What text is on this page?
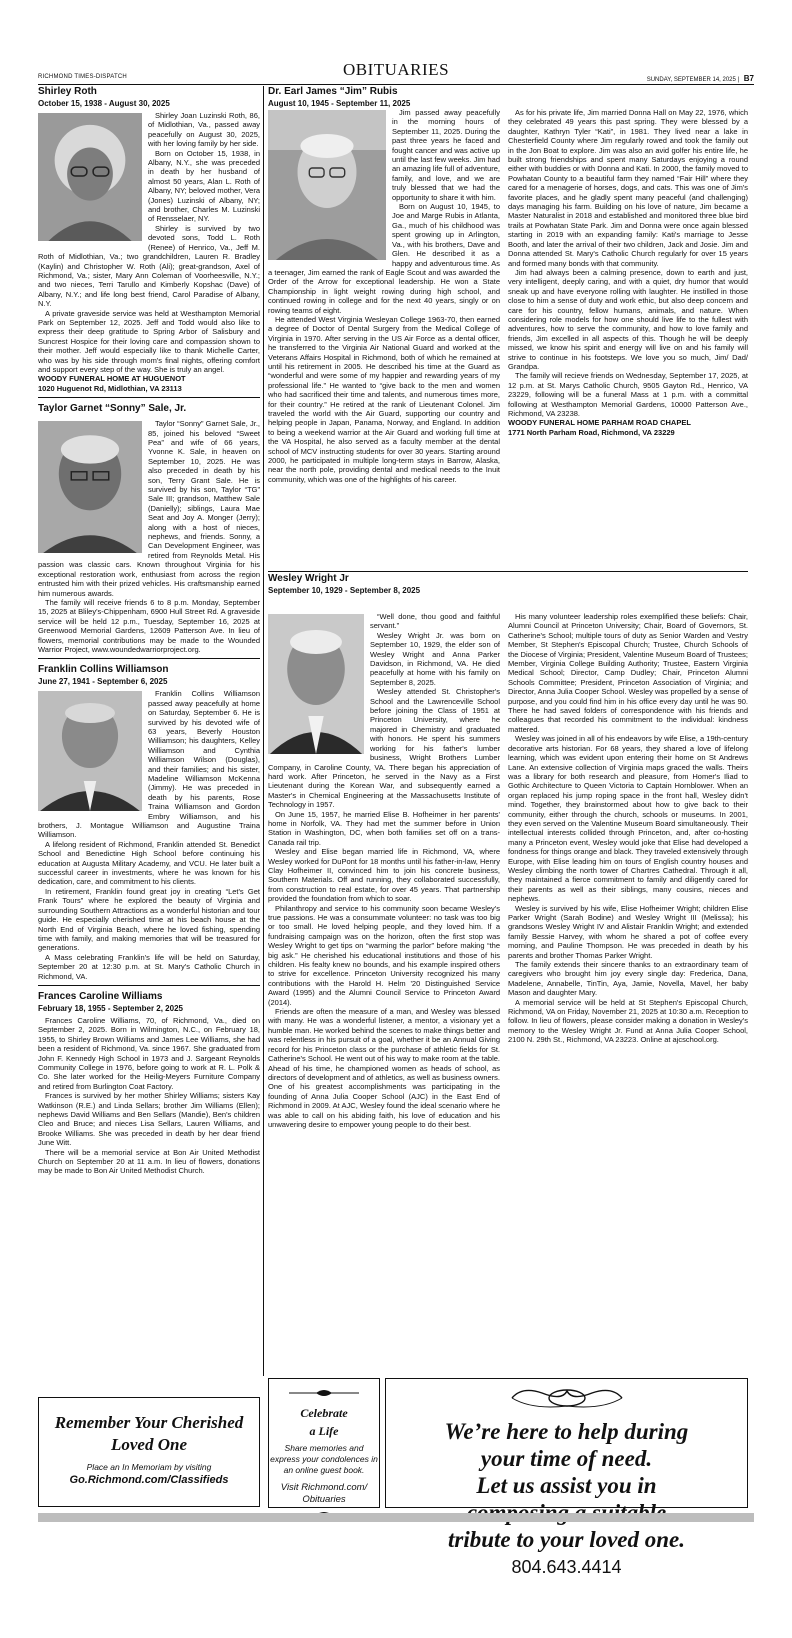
RICHMOND TIMES-DISPATCH	OBITUARIES
SUNDAY, SEPTEMBER 14, 2025 | B7
Shirley Roth
October 15, 1938 - August 30, 2025

Shirley Joan Luzinski Roth, 86, of Midlothian, Va., passed away peacefully on August 30, 2025, with her loving family by her side.

Born on October 15, 1938, in Albany, N.Y., she was preceded in death by her husband of almost 50 years, Alan L. Roth of Albany, NY; beloved mother, Vera (Jones) Luzinski of Albany, NY; and brother, Charles M. Luzinski of Rensselaer, NY.

Shirley is survived by two devoted sons, Todd L. Roth (Renee) of Henrico, Va., Jeff M. Roth of Midlothian, Va.; two grandchildren, Lauren R. Bradley (Kaylin) and Christopher W. Roth (Ali); great-grandson, Axel of Richmond, Va.; sister, Mary Ann Coleman of Voorheesville, N.Y.; and two nieces, Terri Tarullo and Kimberly Kopshac (Dave) of Albany, N.Y.; and life long best friend, Carol Paradise of Albany, N.Y.

A private graveside service was held at Westhampton Memorial Park on September 12, 2025. Jeff and Todd would also like to express their deep gratitude to Spring Arbor of Salisbury and Suncrest Hospice for their loving care and compassion shown to their mother. Jeff would especially like to thank Michelle Carter, who was by his side through mom's final nights, offering comfort and support every step of the way. She is truly an angel.

WOODY FUNERAL HOME AT HUGUENOT

1020 Huguenot Rd, Midlothian, VA 23113

Taylor Garnet “Sonny” Sale, Jr.

Taylor “Sonny” Garnet Sale, Jr., 85, joined his beloved “Sweet Pea” and wife of 66 years, Yvonne K. Sale, in heaven on September 10, 2025. He was also preceded in death by his son, Terry Grant Sale. He is survived by his son, Taylor “TG” Sale III; grandson, Matthew Sale (Danielly); siblings, Laura Mae Seat and Joy A. Monger (Jerry); along with a host of nieces, nephews, and friends. Sonny, a Can Development Engineer, was retired from Reynolds Metal. His passion was classic cars. Known throughout Virginia for his exceptional restoration work, enthusiast from across the region entrusted him with their prized vehicles. His craftsmanship earned him numerous awards.

The family will receive friends 6 to 8 p.m. Monday, September 15, 2025 at Bliley's-Chippenham, 6900 Hull Street Rd. A graveside service will be held 12 p.m., Tuesday, September 16, 2025 at Greenwood Memorial Gardens, 12609 Patterson Ave. In lieu of flowers, memorial contributions may be made to the Wounded Warrior Project, www.woundedwarriorproject.org.

Franklin Collins Williamson
June 27, 1941 - September 6, 2025

Franklin Collins Williamson passed away peacefully at home on Saturday, September 6. He is survived by his devoted wife of 63 years, Beverly Houston Williamson; his daughters, Kelley Williamson and Cynthia Williamson Wilson (Douglas), and their families; and his sister, Madeline Williamson McKenna (Jimmy). He was preceded in death by his parents, Rose Traina Williamson and Gordon Embry Williamson, and his brothers, J. Montague Williamson and Augustine Traina Williamson.

A lifelong resident of Richmond, Franklin attended St. Benedict School and Benedictine High School before continuing his education at Augusta Military Academy, and VCU. He later built a successful career in investments, where he was known for his dedication, care, and commitment to his clients.

In retirement, Franklin found great joy in creating “Let's Get Frank Tours” where he explored the beauty of Virginia and surrounding Southern Attractions as a wonderful historian and tour guide. He especially cherished time at his beach house at the North End of Virginia Beach, where he loved fishing, spending time with family, and making memories that will be treasured for generations.

A Mass celebrating Franklin's life will be held on Saturday, September 20 at 12:30 p.m. at St. Mary's Catholic Church in Richmond, VA.

Frances Caroline Williams
February 18, 1955 - September 2, 2025

Frances Caroline Williams, 70, of Richmond, Va., died on September 2, 2025. Born in Wilmington, N.C., on February 18, 1955, to Shirley Brown Williams and James Lee Williams, she had been a resident of Richmond, Va. since 1967. She graduated from John F. Kennedy High School in 1973 and J. Sargeant Reynolds Community College in 1976, before going to work at R. L. Polk & Co. She later worked for the Heilig-Meyers Furniture Company and retired from Burlington Coat Factory.

Frances is survived by her mother Shirley Williams; sisters Kay Watkinson (R.E.) and Linda Sellars; brother Jim Williams (Ellen); nephews David Williams and Ben Sellars (Mandie), Ben's children Cleo and Bruce; and nieces Lisa Sellars, Lauren Williams, and Brooke Williams. She was preceded in death by her dear friend June Witt.

There will be a memorial service at Bon Air United Methodist Church on September 20 at 11 a.m. In lieu of flowers, donations may be made to Bon Air United Methodist Church.

Dr. Earl James “Jim” Rubis
August 10, 1945 - September 11, 2025

Jim passed away peacefully in the morning hours of September 11, 2025. During the past three years he faced and fought cancer and was active up until the last few weeks. Jim had an amazing life full of adventure, family, and love, and we are truly blessed that we had the opportunity to share it with him.

Born on August 10, 1945, to Joe and Marge Rubis in Atlanta, Ga., much of his childhood was spent growing up in Arlington, Va., with his brothers, Dave and Glen. He described it as a happy and adventurous time. As a teenager, Jim earned the rank of Eagle Scout and was awarded the Order of the Arrow for exceptional leadership. He won a State Championship in light weight rowing during high school, and continued rowing in college and for the next 40 years, singly or on rowing teams of eight.

He attended West Virginia Wesleyan College 1963-70, then earned a degree of Doctor of Dental Surgery from the Medical College of Virginia in 1970. After serving in the US Air Force as a dental officer, he transferred to the Virginia Air National Guard and worked at the Veterans Affairs Hospital in Richmond, both of which he remained at until his retirement in 2005. He described his time at the Guard as “wonderful and were some of my happier and rewarding years of my professional life.” He wanted to “give back to the men and women who had sacrificed their time and talents, and numerous times more, for their country.” He retired at the rank of Lieutenant Colonel. Jim traveled the world with the Air Guard, supporting our country and helping people in Japan, Panama, Norway, and England. In addition to being a weekend warrior at the Air Guard and working full time at the VA Hospital, he also served as a faculty member at the dental school of MCV instructing students for over 30 years. Starting around 2000, he participated in multiple long-term stays in Barrow, Alaska, near the north pole, providing dental and medical needs to the Inuit community, which was one of the highlights of his career.

As for his private life, Jim married Donna Hall on May 22, 1976, which they celebrated 49 years this past spring. They were blessed by a daughter, Kathryn Tyler “Kati”, in 1981. They lived near a lake in Chesterfield County where Jim regularly rowed and took the family out in the Jon Boat to explore. Jim was also an avid golfer his entire life, he built strong friendships and spent many Saturdays enjoying a round either with buddies or with Donna and Kati. In 2000, the family moved to Powhatan County to a beautiful farm they named “Fair Hill” where they cared for a menagerie of horses, dogs, and cats. This was one of Jim's favorite places, and he gladly spent many peaceful (and challenging) days managing his farm. Building on his love of nature, Jim became a Master Naturalist in 2018 and established and monitored three blue bird trails at Powhatan State Park. Jim and Donna were once again blessed starting in 2019 with an expanding family: Kati's marriage to Jesse Booth, and later the arrival of their two children, Jack and Josie. Jim and Donna attended St. Mary's Catholic Church regularly for over 15 years and formed many bonds with that community.

Jim had always been a calming presence, down to earth and just, very intelligent, deeply caring, and with a quiet, dry humor that would sneak up and have everyone rolling with laughter. He instilled in those close to him a sense of duty and work ethic, but also deep concern and care for his country, fellow humans, animals, and nature. When considering role models for how one should live life to the fullest with adventures, how to serve the community, and how to love family and friends, Jim excelled in all aspects of this. Though he will be deeply missed, we know his spirit and energy will live on and his family will strive to continue in his footsteps. We love you so much, Jim/ Dad/ Grandpa.

The family will recieve friends on Wednesday, September 17, 2025, at 12 p.m. at St. Marys Catholic Church, 9505 Gayton Rd., Henrico, VA 23229, following will be a funeral Mass at 1 p.m. with a committal following at Westhampton Memorial Gardens, 10000 Patterson Ave., Richmond, VA 23238.

WOODY FUNERAL HOME PARHAM ROAD CHAPEL

1771 North Parham Road, Richmond, VA 23229

Wesley Wright Jr
September 10, 1929 - September 8, 2025

“Well done, thou good and faithful servant.”

Wesley Wright Jr. was born on September 10, 1929, the elder son of Wesley Wright and Anna Parker Davidson, in Richmond, VA. He died peacefully at home with his family on September 8, 2025.

Wesley attended St. Christopher's School and the Lawrenceville School before joining the Class of 1951 at Princeton University, where he majored in Chemistry and graduated with honors. He spent his summers working for his father's lumber business, Wright Brothers Lumber Company, in Caroline County, VA. There began his appreciation of hard work. After Princeton, he served in the Navy as a First Lieutenant during the Korean War, and subsequently earned a Master's in Chemical Engineering at the Massachusetts Institute of Technology in 1957.

On June 15, 1957, he married Elise B. Hofheimer in her parents' home in Norfolk, VA. They had met the summer before in Union Station in Washington, DC, when both families set off on a trans-Canada rail trip.

Wesley and Elise began married life in Richmond, VA, where Wesley worked for DuPont for 18 months until his father-in-law, Henry Clay Hofheimer II, convinced him to join his concrete business, Southern Materials. Off and running, they collaborated successfully, from construction to real estate, for over 45 years. That partnership provided the foundation from which to soar.

Philanthropy and service to his community soon became Wesley's true passions. He was a consummate volunteer: no task was too big or too small. He loved helping people, and they loved him. If a fundraising campaign was on the horizon, often the first stop was Wesley Wright to get tips on “warming the parlor” before making “the big ask.” He cherished his educational institutions and those of his children. His fealty knew no bounds, and his example inspired others to strive for excellence. Princeton University recognized his many contributions with the Harold H. Helm '20 Distinguished Service Award (1995) and the Alumni Council Service to Princeton Award (2014).

Friends are often the measure of a man, and Wesley was blessed with many. He was a wonderful listener, a mentor, a visionary yet a humble man. He worked behind the scenes to make things better and was relentless in his pursuit of a goal, whether it be an Annual Giving record for his Princeton class or the purchase of athletic fields for St. Catherine's School. He went out of his way to make room at the table. Ahead of his time, he championed women as heads of school, as directors of development and of athletics, as well as business owners. One of his greatest accomplishments was participating in the founding of Anna Julia Cooper School (AJC) in the East End of Richmond in 2009. At AJC, Wesley found the ideal scenario where he was able to call on his abiding faith, his love of education and his unwavering desire to empower young people to do their best.

His many volunteer leadership roles exemplified these beliefs: Chair, Alumni Council at Princeton University; Chair, Board of Governors, St. Catherine's School; multiple tours of duty as Senior Warden and Vestry Member, St Stephen's Episcopal Church; Trustee, Church Schools of the Diocese of Virginia; President, Valentine Museum Board of Trustees; Member, Virginia College Building Authority; Trustee, Eastern Virginia Medical School; Director, Camp Dudley; Chair, Princeton Alumni Schools Committee; President, Princeton Association of Virginia; and Director, Anna Julia Cooper School. Wesley was propelled by a sense of purpose, and you could find him in his office every day until he was 90. There he had saved folders of correspondence with his friends and colleagues that recorded his commitment to the individual: kindness mattered.

Wesley was joined in all of his endeavors by wife Elise, a 19th-century decorative arts historian. For 68 years, they shared a love of lifelong learning, which was evident upon entering their home on St Andrews Lane. An extensive collection of Virginia maps graced the walls. Theirs was a library for both research and pleasure, from Homer's Iliad to Gothic Architecture to Queen Victoria to Captain Hornblower. When an organ replaced his jump roping space in the front hall, Wesley didn't mind. Together, they brainstormed about how to give back to their community, either through the church, schools or museums. In 2001, they even served on the Valentine Museum Board simultaneously. Their intellectual interests collided through Princeton, and, after co-hosting many a Princeton event, Wesley would joke that Elise had developed a fondness for things orange and black. They traveled extensively through Europe, with Elise leading him on tours of English country houses and Wesley climbing the north tower of Chartres Cathedral. Through it all, they maintained a fierce commitment to family and diligently cared for their parents as well as their siblings, many cousins, nieces and nephews.

Wesley is survived by his wife, Elise Hofheimer Wright; children Elise Parker Wright (Sarah Bodine) and Wesley Wright III (Melissa); his grandsons Wesley Wright IV and Alistair Franklin Wright; and extended family Bessie Harvey, with whom he shared a pot of coffee every morning, and Pauline Thompson. He was preceded in death by his parents and brother Thomas Parker Wright.

The family extends their sincere thanks to an extraordinary team of caregivers who brought him joy every single day: Frederica, Dana, Madelene, Annabelle, TinTin, Aya, Jamie, Novella, Mavel, her baby Mason and daughter Mary.

A memorial service will be held at St Stephen's Episcopal Church, Richmond, VA on Friday, November 21, 2025 at 10:30 a.m. Reception to follow. In lieu of flowers, please consider making a donation in Wesley's memory to the Wesley Wright Jr. Fund at Anna Julia Cooper School, 2100 N. 29th St., Richmond, VA 23223. Online at ajcschool.org.

Remember Your Cherished
Loved One
Place an In Memoriam by visiting
Go.Richmond.com/Classifieds
Celebrate
a Life
Share memories and express your condolences in an online guest book.
Visit Richmond.com/ Obituaries
We’re here to help during
your time of need.
Let us assist you in
tribute to your loved one.
804.643.4414
